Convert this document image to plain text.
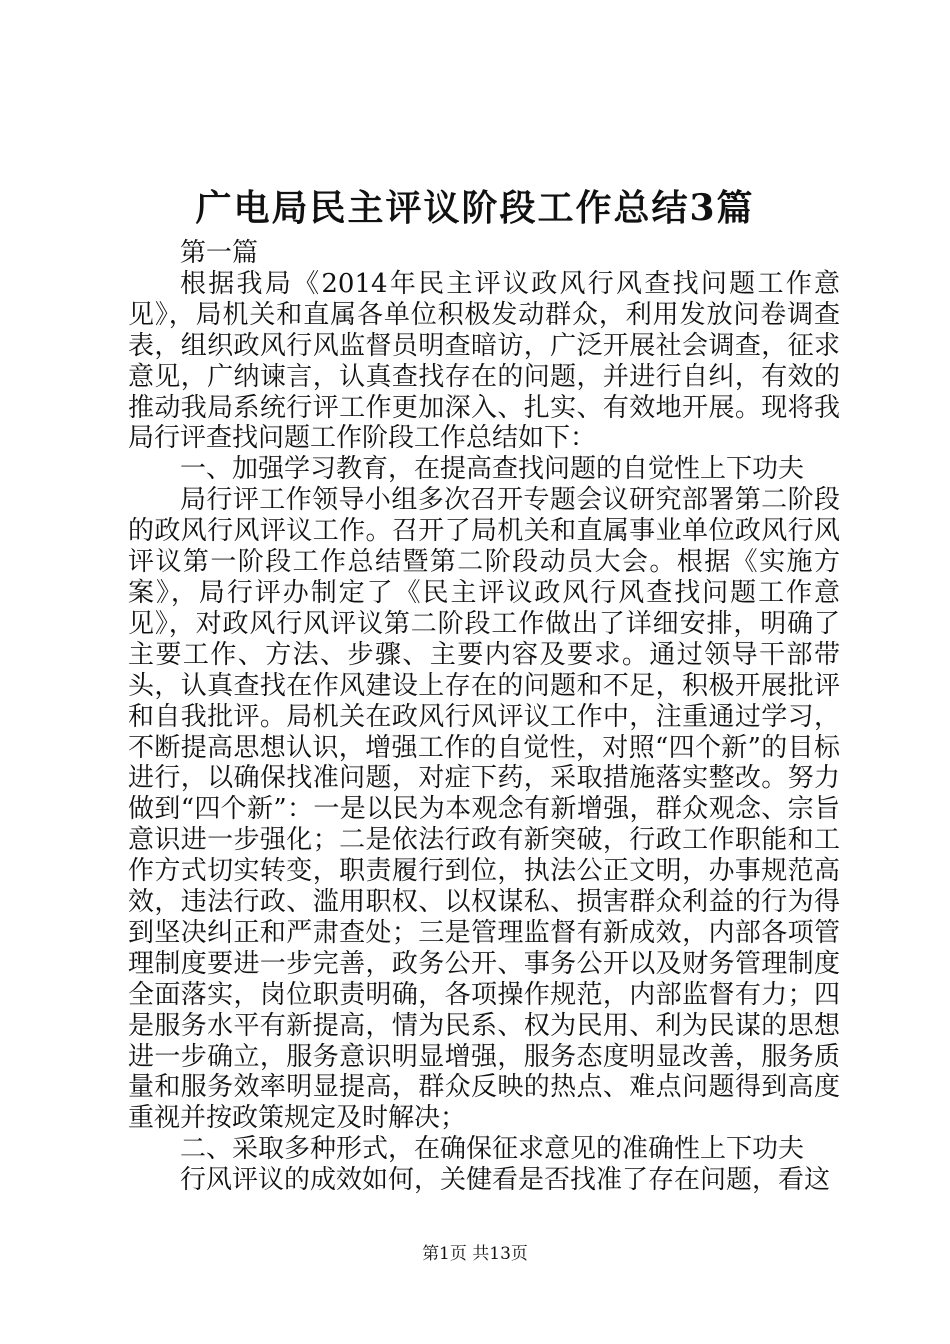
广电局民主评议阶段工作总结3篇

第一篇

根据我局《2014年民主评议政风行风查找问题工作意见》，局机关和直属各单位积极发动群众，利用发放问卷调查表，组织政风行风监督员明查暗访，广泛开展社会调查，征求意见，广纳谏言，认真查找存在的问题，并进行自纠，有效的推动我局系统行评工作更加深入、扎实、有效地开展。现将我局行评查找问题工作阶段工作总结如下：

一、加强学习教育，在提高查找问题的自觉性上下功夫

局行评工作领导小组多次召开专题会议研究部署第二阶段的政风行风评议工作。召开了局机关和直属事业单位政风行风评议第一阶段工作总结暨第二阶段动员大会。根据《实施方案》，局行评办制定了《民主评议政风行风查找问题工作意见》，对政风行风评议第二阶段工作做出了详细安排，明确了主要工作、方法、步骤、主要内容及要求。通过领导干部带头，认真查找在作风建设上存在的问题和不足，积极开展批评和自我批评。局机关在政风行风评议工作中，注重通过学习，不断提高思想认识，增强工作的自觉性，对照“四个新”的目标进行，以确保找准问题，对症下药，采取措施落实整改。努力做到“四个新”：一是以民为本观念有新增强，群众观念、宗旨意识进一步强化；二是依法行政有新突破，行政工作职能和工作方式切实转变，职责履行到位，执法公正文明，办事规范高效，违法行政、滥用职权、以权谋私、损害群众利益的行为得到坚决纠正和严肃查处；三是管理监督有新成效，内部各项管理制度要进一步完善，政务公开、事务公开以及财务管理制度全面落实，岗位职责明确，各项操作规范，内部监督有力；四是服务水平有新提高，情为民系、权为民用、利为民谋的思想进一步确立，服务意识明显增强，服务态度明显改善，服务质量和服务效率明显提高，群众反映的热点、难点问题得到高度重视并按政策规定及时解决；

二、采取多种形式，在确保征求意见的准确性上下功夫

行风评议的成效如何，关健看是否找准了存在问题，看这

第1页 共13页
